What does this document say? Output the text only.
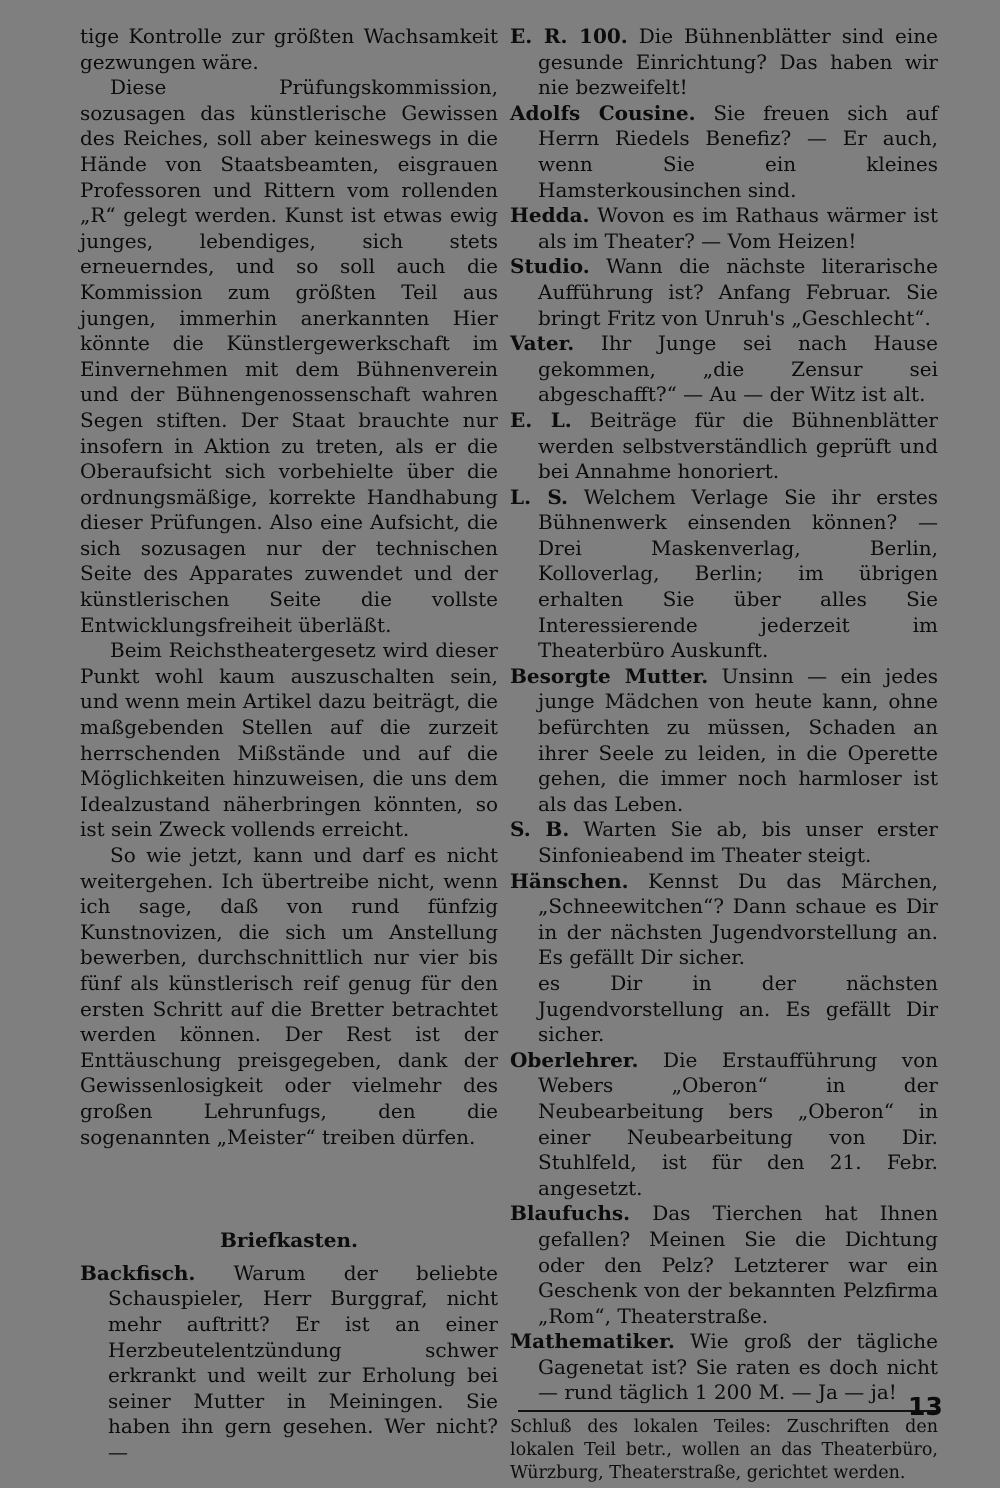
tige Kontrolle zur größten Wachsamkeit gezwungen wäre.

Diese Prüfungskommission, sozusagen das künstlerische Gewissen des Reiches, soll aber keineswegs in die Hände von Staatsbeamten, eisgrauen Professoren und Rittern vom rollenden „R“ gelegt werden. Kunst ist etwas ewig junges, lebendiges, sich stets erneuerndes, und so soll auch die Kommission zum größten Teil aus jungen, immerhin anerkannten Hier könnte die Künstlergewerkschaft im Einvernehmen mit dem Bühnenverein und der Bühnengenossenschaft wahren Segen stiften. Der Staat brauchte nur insofern in Aktion zu treten, als er die Oberaufsicht sich vorbehielte über die ordnungsmäßige, korrekte Handhabung dieser Prüfungen. Also eine Aufsicht, die sich sozusagen nur der technischen Seite des Apparates zuwendet und der künstlerischen Seite die vollste Entwicklungsfreiheit überläßt.

Beim Reichstheatergesetz wird dieser Punkt wohl kaum auszuschalten sein, und wenn mein Artikel dazu beiträgt, die maßgebenden Stellen auf die zurzeit herrschenden Mißstände und auf die Möglichkeiten hinzuweisen, die uns dem Idealzustand näherbringen könnten, so ist sein Zweck vollends erreicht.

So wie jetzt, kann und darf es nicht weitergehen. Ich übertreibe nicht, wenn ich sage, daß von rund fünfzig Kunstnovizen, die sich um Anstellung bewerben, durchschnittlich nur vier bis fünf als künstlerisch reif genug für den ersten Schritt auf die Bretter betrachtet werden können. Der Rest ist der Enttäuschung preisgegeben, dank der Gewissenlosigkeit oder vielmehr des großen Lehrunfugs, den die sogenannten „Meister“ treiben dürfen.

Briefkasten.

Backfisch. Warum der beliebte Schauspieler, Herr Burggraf, nicht mehr auftritt? Er ist an einer Herzbeutelentzündung schwer erkrankt und weilt zur Erholung bei seiner Mutter in Meiningen. Sie haben ihn gern gesehen. Wer nicht? —

E. R. 100. Die Bühnenblätter sind eine gesunde Einrichtung? Das haben wir nie bezweifelt!

Adolfs Cousine. Sie freuen sich auf Herrn Riedels Benefiz? — Er auch, wenn Sie ein kleines Hamsterkousinchen sind.

Hedda. Wovon es im Rathaus wärmer ist als im Theater? — Vom Heizen!

Studio. Wann die nächste literarische Aufführung ist? Anfang Februar. Sie bringt Fritz von Unruh's „Geschlecht“.

Vater. Ihr Junge sei nach Hause gekommen, „die Zensur sei abgeschafft?“ — Au — der Witz ist alt.

E. L. Beiträge für die Bühnenblätter werden selbstverständlich geprüft und bei Annahme honoriert.

L. S. Welchem Verlage Sie ihr erstes Bühnenwerk einsenden können? — Drei Maskenverlag, Berlin, Kolloverlag, Berlin; im übrigen erhalten Sie über alles Sie Interessierende jederzeit im Theaterbüro Auskunft.

Besorgte Mutter. Unsinn — ein jedes junge Mädchen von heute kann, ohne befürchten zu müssen, Schaden an ihrer Seele zu leiden, in die Operette gehen, die immer noch harmloser ist als das Leben.

S. B. Warten Sie ab, bis unser erster Sinfonieabend im Theater steigt.

Hänschen. Kennst Du das Märchen, „Schneewitchen“? Dann schaue es Dir in der nächsten Jugendvorstellung an. Es gefällt Dir sicher.

es Dir in der nächsten Jugendvorstellung an. Es gefällt Dir sicher.

Oberlehrer. Die Erstaufführung von Webers „Oberon“ in der Neubearbeitung bers „Oberon“ in einer Neubearbeitung von Dir. Stuhlfeld, ist für den 21. Febr. angesetzt.

Blaufuchs. Das Tierchen hat Ihnen gefallen? Meinen Sie die Dichtung oder den Pelz? Letzterer war ein Geschenk von der bekannten Pelzfirma „Rom“, Theaterstraße.

Mathematiker. Wie groß der tägliche Gagenetat ist? Sie raten es doch nicht — rund täglich 1 200 M. — Ja — ja!

Schluß des lokalen Teiles: Zuschriften den lokalen Teil betr., wollen an das Theaterbüro, Würzburg, Theaterstraße, gerichtet werden.

13
